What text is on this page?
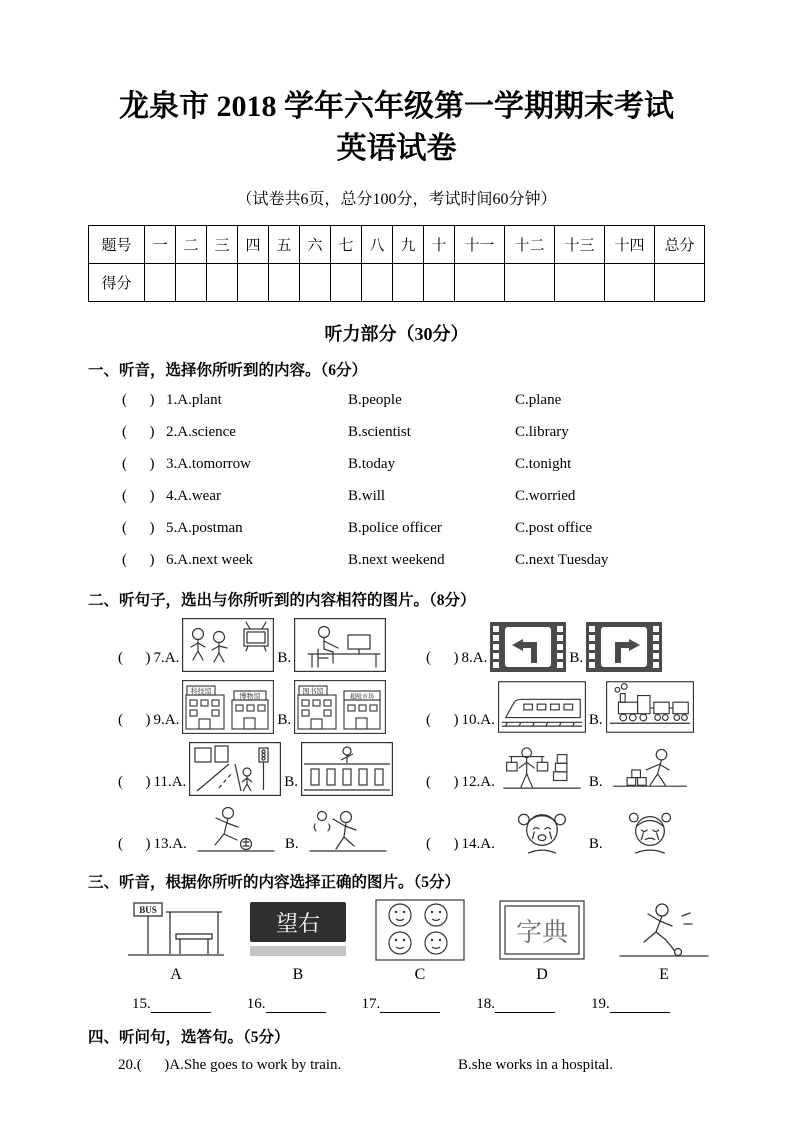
龙泉市 2018 学年六年级第一学期期末考试
英语试卷
（试卷共6页，总分100分，考试时间60分钟）
题号	一	二	三	四	五	六	七	八	九	十	十一	十二	十三	十四	总分
得分															
听力部分（30分）
一、听音，选择你所听到的内容。（6分）
(      ) 1.A.plant	B.people	C.plane
(      ) 2.A.science	B.scientist	C.library
(      ) 3.A.tomorrow	B.today	C.tonight
(      ) 4.A.wear	B.will	C.worried
(      ) 5.A.postman	B.police officer	C.post office
(      ) 6.A.next week	B.next weekend	C.next Tuesday
二、听句子，选出与你所听到的内容相符的图片。（8分）
(      ) 7.A.	B.	(      ) 8.A.	B.
(      ) 9.A.
科技馆
博物馆
B.
图书馆
超级市场
(      ) 10.A.	B.
(      ) 11.A.	B.	(      ) 12.A.	B.
(      ) 13.A.	B.	(      ) 14.A.	B.
三、听音，根据你所听的内容选择正确的图片。（5分）
BUS
A
望右
B	C
字典
D	E
15.	16.	17.	18.	19.
四、听问句，选答句。（5分）
20.(      )A.She goes to work by train.	B.she works in a hospital.
